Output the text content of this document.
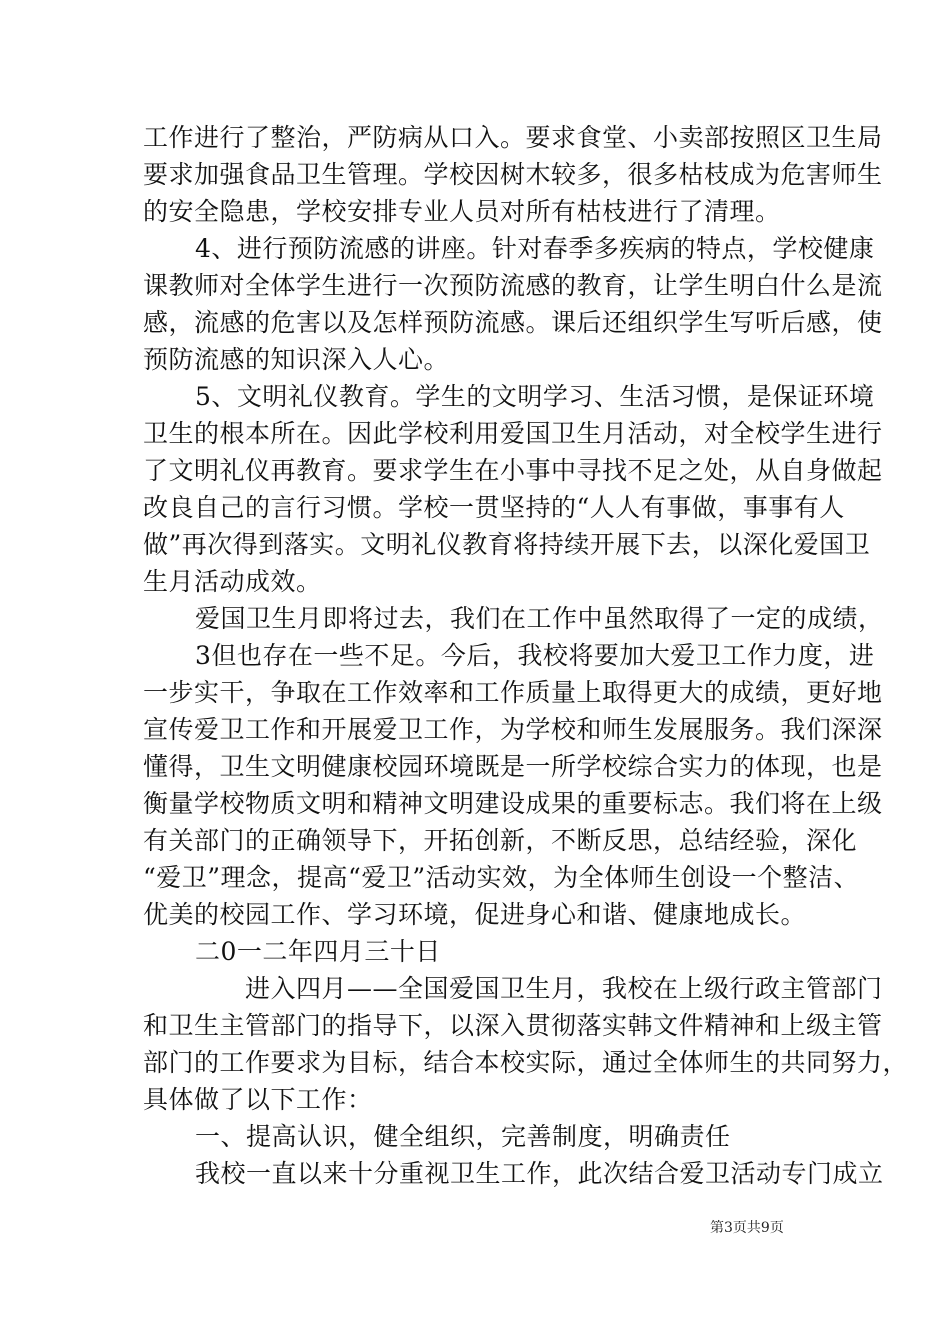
工作进行了整治，严防病从口入。要求食堂、小卖部按照区卫生局
要求加强食品卫生管理。学校因树木较多，很多枯枝成为危害师生
的安全隐患，学校安排专业人员对所有枯枝进行了清理。
4、进行预防流感的讲座。针对春季多疾病的特点，学校健康
课教师对全体学生进行一次预防流感的教育，让学生明白什么是流
感，流感的危害以及怎样预防流感。课后还组织学生写听后感，使
预防流感的知识深入人心。
5、文明礼仪教育。学生的文明学习、生活习惯，是保证环境
卫生的根本所在。因此学校利用爱国卫生月活动，对全校学生进行
了文明礼仪再教育。要求学生在小事中寻找不足之处，从自身做起
改良自己的言行习惯。学校一贯坚持的“人人有事做，事事有人
做”再次得到落实。文明礼仪教育将持续开展下去，以深化爱国卫
生月活动成效。
爱国卫生月即将过去，我们在工作中虽然取得了一定的成绩，
3但也存在一些不足。今后，我校将要加大爱卫工作力度，进
一步实干，争取在工作效率和工作质量上取得更大的成绩，更好地
宣传爱卫工作和开展爱卫工作，为学校和师生发展服务。我们深深
懂得，卫生文明健康校园环境既是一所学校综合实力的体现，也是
衡量学校物质文明和精神文明建设成果的重要标志。我们将在上级
有关部门的正确领导下，开拓创新，不断反思，总结经验，深化
“爱卫”理念，提高“爱卫”活动实效，为全体师生创设一个整洁、
优美的校园工作、学习环境，促进身心和谐、健康地成长。
二0一二年四月三十日
进入四月——全国爱国卫生月，我校在上级行政主管部门
和卫生主管部门的指导下，以深入贯彻落实韩文件精神和上级主管
部门的工作要求为目标，结合本校实际，通过全体师生的共同努力，
具体做了以下工作：
一、提高认识，健全组织，完善制度，明确责任
我校一直以来十分重视卫生工作，此次结合爱卫活动专门成立
第3页共9页
